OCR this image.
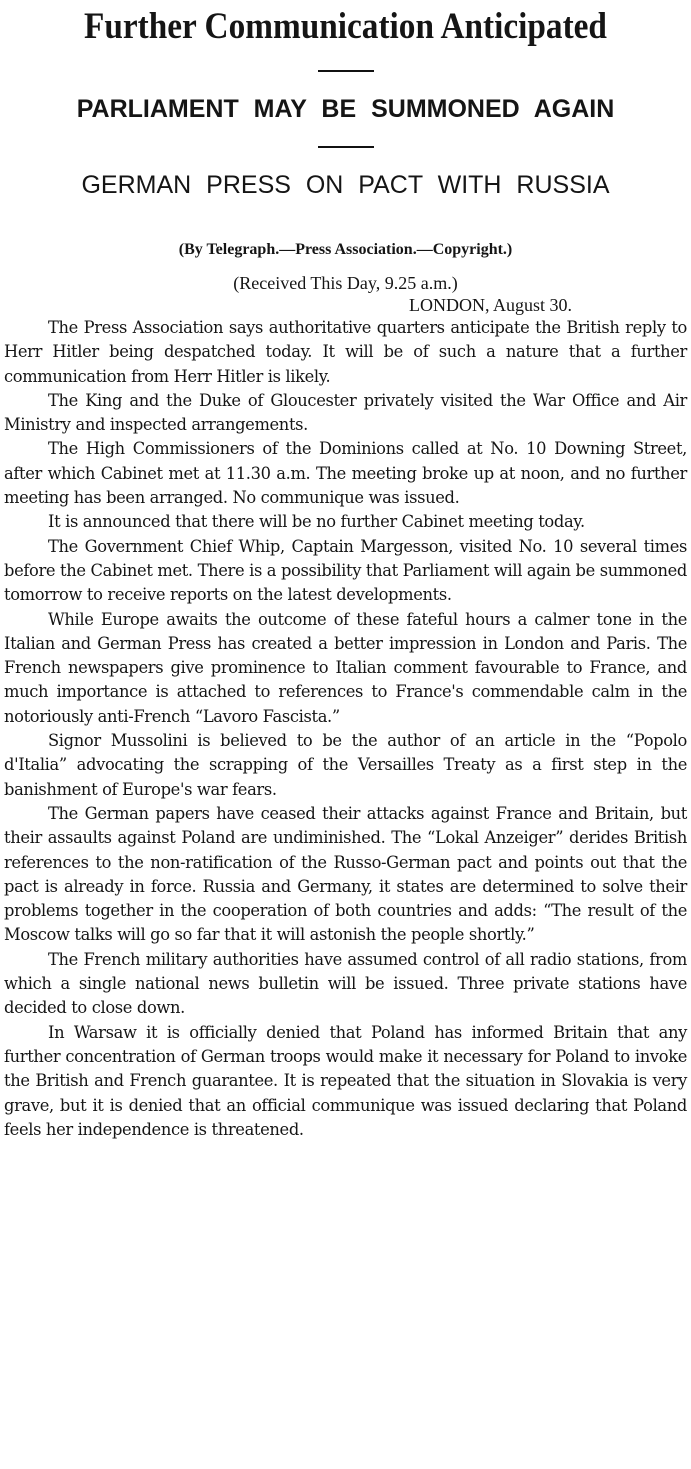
Further Communication Anticipated
PARLIAMENT MAY BE SUMMONED AGAIN
GERMAN PRESS ON PACT WITH RUSSIA
(By Telegraph.—Press Association.—Copyright.)
(Received This Day, 9.25 a.m.)
LONDON, August 30.

The Press Association says authoritative quarters anticipate the British reply to Herr Hitler being despatched today. It will be of such a nature that a further communication from Herr Hitler is likely.

The King and the Duke of Gloucester privately visited the War Office and Air Ministry and inspected arrangements.

The High Commissioners of the Dominions called at No. 10 Downing Street, after which Cabinet met at 11.30 a.m. The meeting broke up at noon, and no further meeting has been arranged. No communique was issued.

It is announced that there will be no further Cabinet meeting today.

The Government Chief Whip, Captain Margesson, visited No. 10 several times before the Cabinet met. There is a possibility that Parliament will again be summoned tomorrow to receive reports on the latest developments.

While Europe awaits the outcome of these fateful hours a calmer tone in the Italian and German Press has created a better impression in London and Paris. The French newspapers give prominence to Italian comment favourable to France, and much importance is attached to references to France's commendable calm in the notoriously anti-French “Lavoro Fascista.”

Signor Mussolini is believed to be the author of an article in the “Popolo d'Italia” advocating the scrapping of the Versailles Treaty as a first step in the banishment of Europe's war fears.

The German papers have ceased their attacks against France and Britain, but their assaults against Poland are undiminished. The “Lokal Anzeiger” derides British references to the non-ratification of the Russo-German pact and points out that the pact is already in force. Russia and Germany, it states are determined to solve their problems together in the cooperation of both countries and adds: “The result of the Moscow talks will go so far that it will astonish the people shortly.”

The French military authorities have assumed control of all radio stations, from which a single national news bulletin will be issued. Three private stations have decided to close down.

In Warsaw it is officially denied that Poland has informed Britain that any further concentration of German troops would make it necessary for Poland to invoke the British and French guarantee. It is repeated that the situation in Slovakia is very grave, but it is denied that an official communique was issued declaring that Poland feels her independence is threatened.
